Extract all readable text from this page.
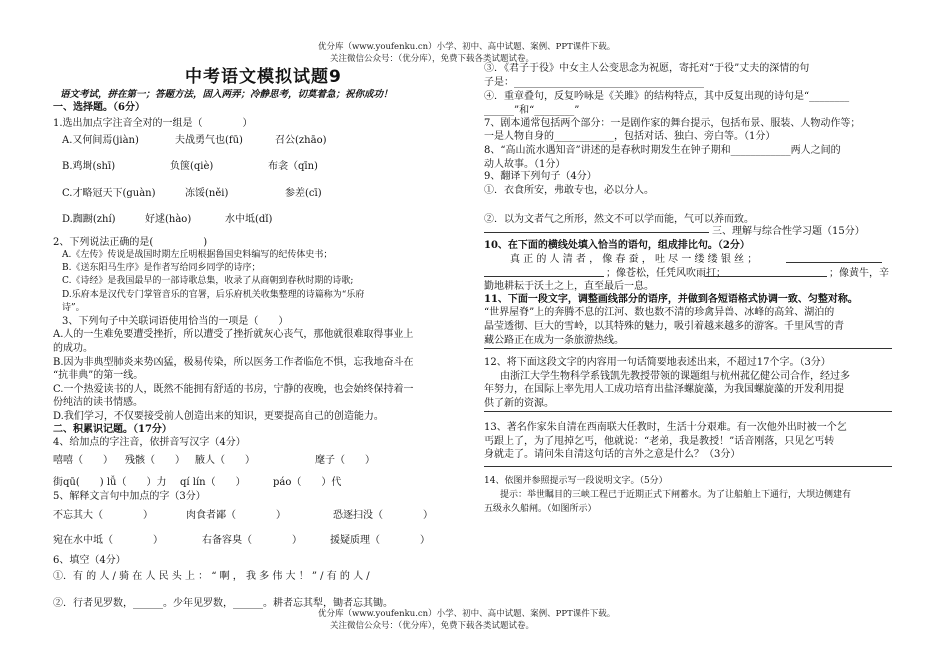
优分库（www.youfenku.cn）小学、初中、高中试题、案例、PPT课件下载。
关注微信公众号：（优分库），免费下载各类试题试卷。
中考语文模拟试题9
语文考试，拼在第一；答题方法，固入两弄；冷静思考，切莫着急；祝你成功！
一、选择题。（6分）
1.选出加点字注音全对的一组是（　　　　）
A.又何间焉(jiàn)	夫战勇气也(fū)	召公(zhāo)
B.鸡埘(shī)	负箧(qiè)	布衾（qīn)
C.才略冠天下(guàn)	冻馁(něi)	参差(cī)
D.踟蹰(zhí)	好逑(hào)	水中坻(dǐ)
2、下列说法正确的是(　　　　　)
A.《左传》传说是战国时期左丘明根据鲁国史料编写的纪传体史书；
B.《送东阳马生序》是作者写给同乡同学的诗序；
C.《诗经》是我国最早的一部诗歌总集，收录了从商朝到春秋时期的诗歌;
D.乐府本是汉代专门掌管音乐的官署，后乐府机关收集整理的诗篇称为“乐府
诗”。
3、下列句子中关联词语使用恰当的一项是（　　）
A.人的一生难免要遭受挫折，所以遭受了挫折就灰心丧气，那他就很难取得事业上
的成功。
B.因为非典型肺炎来势凶猛，极易传染，所以医务工作者临危不惧，忘我地奋斗在
“抗非典”的第一线。
C.一个热爱读书的人，既然不能拥有舒适的书房，宁静的夜晚，也会始终保持着一
份纯洁的读书情感。
D.我们学习，不仅要接受前人创造出来的知识，更要提高自己的创造能力。
二、积累识记题。（17分）
4、给加点的字注音，依拼音写汉字（4分）
嘻嘻（　　） 残骸（　　） 腋人（　　）	麾子（　　）
街qū(　　) lǚ（　　）力 qí lín（　　）	páo（　　）代
5、解释文言句中加点的字（3分）
不忘其大（　　　　）	肉食者鄙（　　　　）	恐逐扫没（　　　　）
宛在水中坻（　　　　）	右备容臭（　　　　）	援疑质理（　　　　）
6、填空（4分）
①．有 的 人 / 骑 在 人 民 头 上 ： “ 啊 ， 我 多 伟 大 ！ ” / 有 的 人 /
②．行者见罗数，______。少年见罗数，______。耕者忘其犁，锄者忘其锄。
③．《君子于役》中女主人公变思念为祝愿，寄托对“于役”丈夫的深情的句
子是：______________________________________
④．重章叠句，反复吟咏是《关雎》的结构特点，其中反复出现的诗句是“________
______”和“________”
7、剧本通常包括两个部分：一是剧作家的舞台提示，包括布景、服装、人物动作等；
一是人物自身的____________，包括对话、独白、旁白等。（1分）
8、“高山流水遇知音”讲述的是春秋时期发生在钟子期和____________两人之间的
动人故事。（1分）
9、翻译下列句子（4分）
①．衣食所安，弗敢专也，必以分人。
②．以为文者气之所形，然文不可以学而能，气可以养而致。
三、理解与综合性学习题（15分）
10、在下面的横线处填入恰当的语句，组成排比句。（2分）
真 正 的 人 清 者 ， 像 春 蚕 ， 吐 尽 一 缕 缕 银 丝 ；
；像苍松，任凭风吹雨打；	；像黄牛，辛
勤地耕耘于沃土之上，直至最后一息。
11、下面一段文字，调整画线部分的语序，并做到各短语格式协调一致、匀整对称。
“世界屋脊”上的奔腾不息的江河、数也数不清的珍禽异兽、冰峰的高耸、湖泊的
晶莹透彻、巨大的雪岭，以其特殊的魅力，吸引着越来越多的游客。千里风雪的青
藏公路正在成为一条旅游热线。
12、将下面这段文字的内容用一句话简要地表述出来，不超过17个字。（3分）
由浙江大学生物科学系钱凯先教授带领的课题组与杭州菰亿健公司合作，经过多
年努力，在国际上率先用人工成功培育出盐泽螺旋藻，为我国螺旋藻的开发利用提
供了新的资源。
13、著名作家朱自清在西南联大任教时，生活十分艰难。有一次他外出时被一个乞
丐跟上了，为了甩掉乞丐，他就说：“老弟，我是教授！”话音刚落，只见乞丐转
身就走了。请问朱自清这句话的言外之意是什么？（3分）
14、依图并参照提示写一段说明文字。（5分）
提示：举世瞩目的三峡工程已于近期正式下闸蓄水。为了让船舶上下通行，大坝边侧建有
五级永久船闸。（如图所示）
优分库（www.youfenku.cn）小学、初中、高中试题、案例、PPT课件下载。
关注微信公众号：（优分库），免费下载各类试题试卷。
